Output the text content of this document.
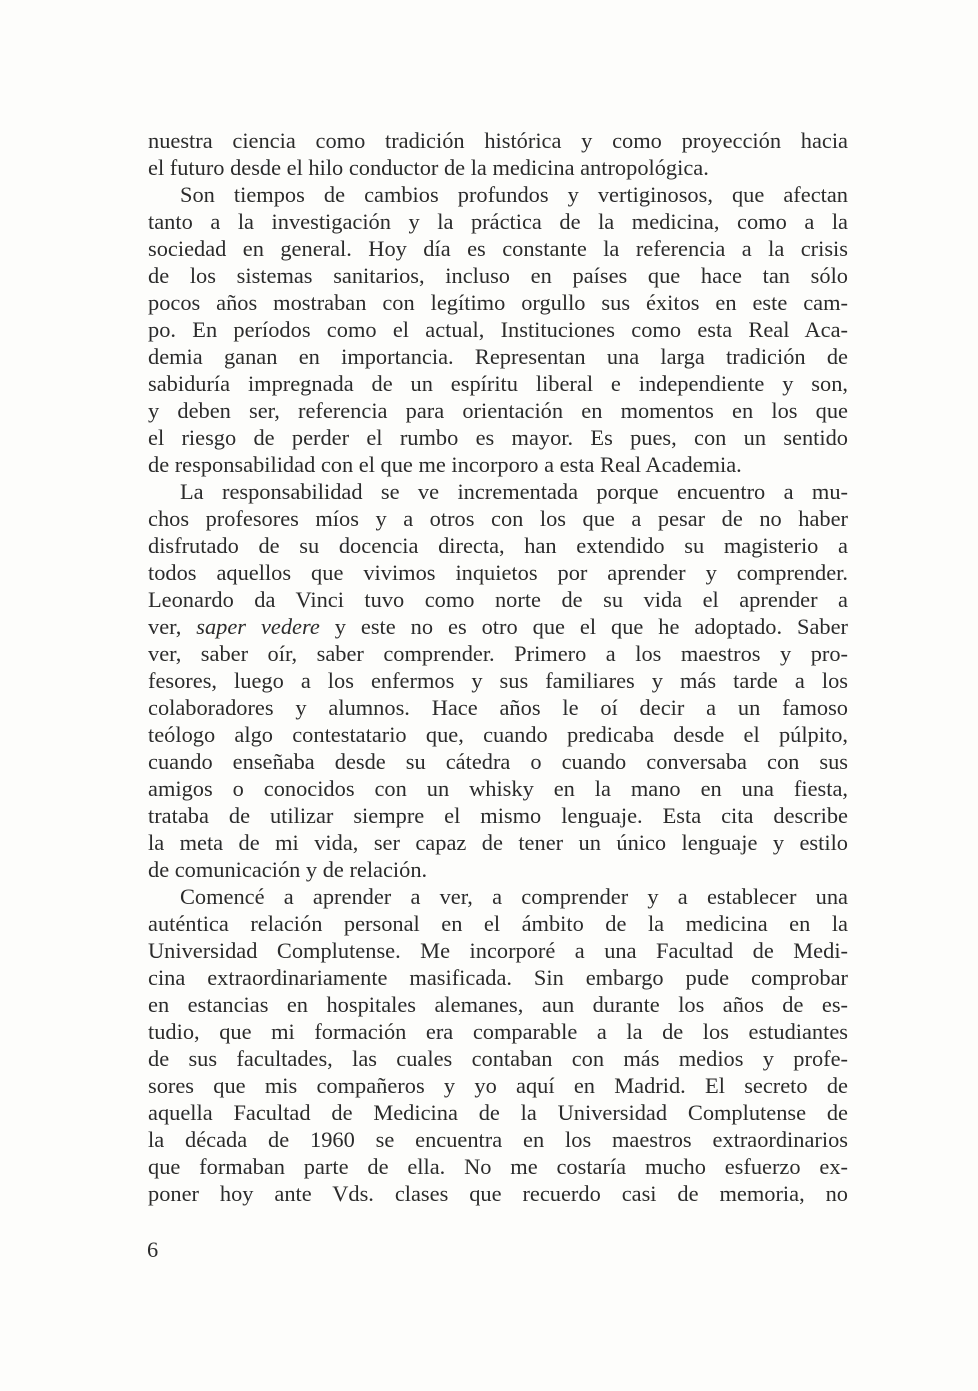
nuestra ciencia como tradición histórica y como proyección hacia
el futuro desde el hilo conductor de la medicina antropológica.
Son tiempos de cambios profundos y vertiginosos, que afectan
tanto a la investigación y la práctica de la medicina, como a la
sociedad en general. Hoy día es constante la referencia a la crisis
de los sistemas sanitarios, incluso en países que hace tan sólo
pocos años mostraban con legítimo orgullo sus éxitos en este cam-
po. En períodos como el actual, Instituciones como esta Real Aca-
demia ganan en importancia. Representan una larga tradición de
sabiduría impregnada de un espíritu liberal e independiente y son,
y deben ser, referencia para orientación en momentos en los que
el riesgo de perder el rumbo es mayor. Es pues, con un sentido
de responsabilidad con el que me incorporo a esta Real Academia.
La responsabilidad se ve incrementada porque encuentro a mu-
chos profesores míos y a otros con los que a pesar de no haber
disfrutado de su docencia directa, han extendido su magisterio a
todos aquellos que vivimos inquietos por aprender y comprender.
Leonardo da Vinci tuvo como norte de su vida el aprender a
ver, saper vedere y este no es otro que el que he adoptado. Saber
ver, saber oír, saber comprender. Primero a los maestros y pro-
fesores, luego a los enfermos y sus familiares y más tarde a los
colaboradores y alumnos. Hace años le oí decir a un famoso
teólogo algo contestatario que, cuando predicaba desde el púlpito,
cuando enseñaba desde su cátedra o cuando conversaba con sus
amigos o conocidos con un whisky en la mano en una fiesta,
trataba de utilizar siempre el mismo lenguaje. Esta cita describe
la meta de mi vida, ser capaz de tener un único lenguaje y estilo
de comunicación y de relación.
Comencé a aprender a ver, a comprender y a establecer una
auténtica relación personal en el ámbito de la medicina en la
Universidad Complutense. Me incorporé a una Facultad de Medi-
cina extraordinariamente masificada. Sin embargo pude comprobar
en estancias en hospitales alemanes, aun durante los años de es-
tudio, que mi formación era comparable a la de los estudiantes
de sus facultades, las cuales contaban con más medios y profe-
sores que mis compañeros y yo aquí en Madrid. El secreto de
aquella Facultad de Medicina de la Universidad Complutense de
la década de 1960 se encuentra en los maestros extraordinarios
que formaban parte de ella. No me costaría mucho esfuerzo ex-
poner hoy ante Vds. clases que recuerdo casi de memoria, no
6
